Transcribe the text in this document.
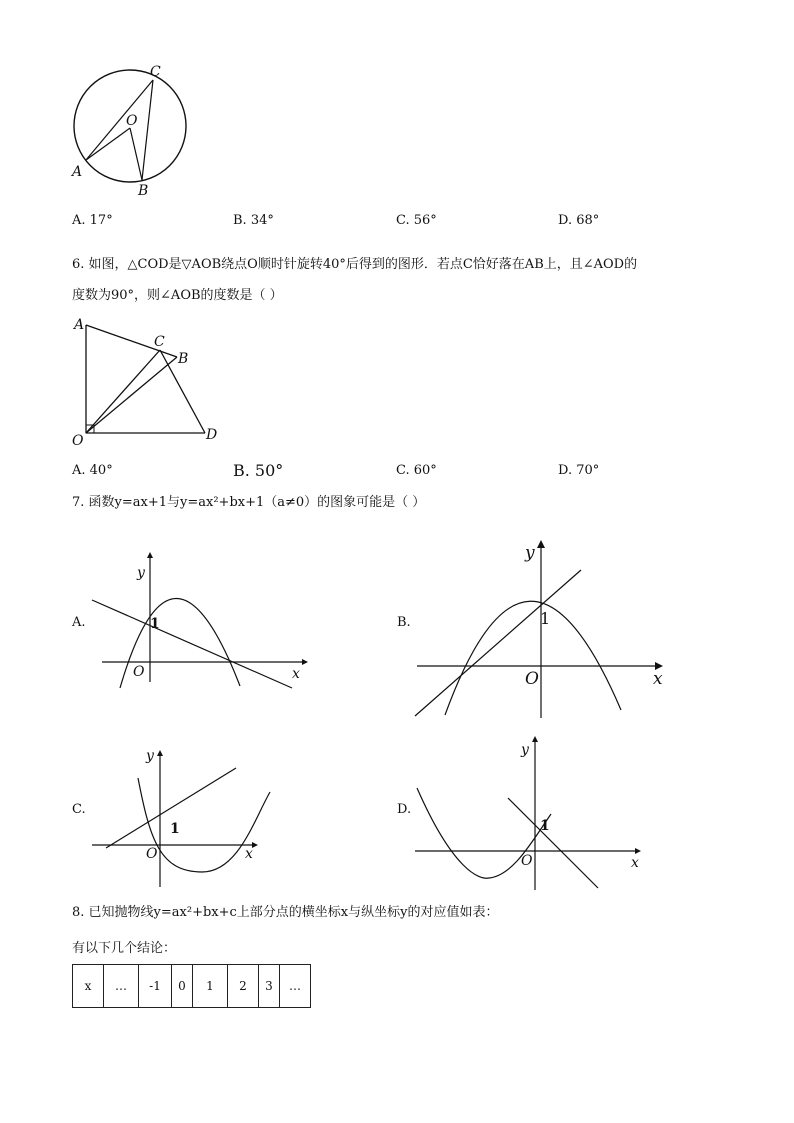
C
O
A
B
A. 17°	B. 34°	C. 56°	D. 68°
6. 如图，△COD是▽AOB绕点O顺时针旋转40°后得到的图形．若点C恰好落在AB上，且∠AOD的
度数为90°，则∠AOB的度数是（ ）
A
C
B
O	D
A. 40°	B. 50°	C. 60°	D. 70°
7. 函数y=ax+1与y=ax²+bx+1（a≠0）的图象可能是（ ）
A.	B.
C.	D.
y
x
O
1
y
x
O
1
y
x
O
1
y
x
O
1
8. 已知抛物线y=ax²+bx+c上部分点的横坐标x与纵坐标y的对应值如表：
有以下几个结论：
x	…	-1	0	1	2	3	…
